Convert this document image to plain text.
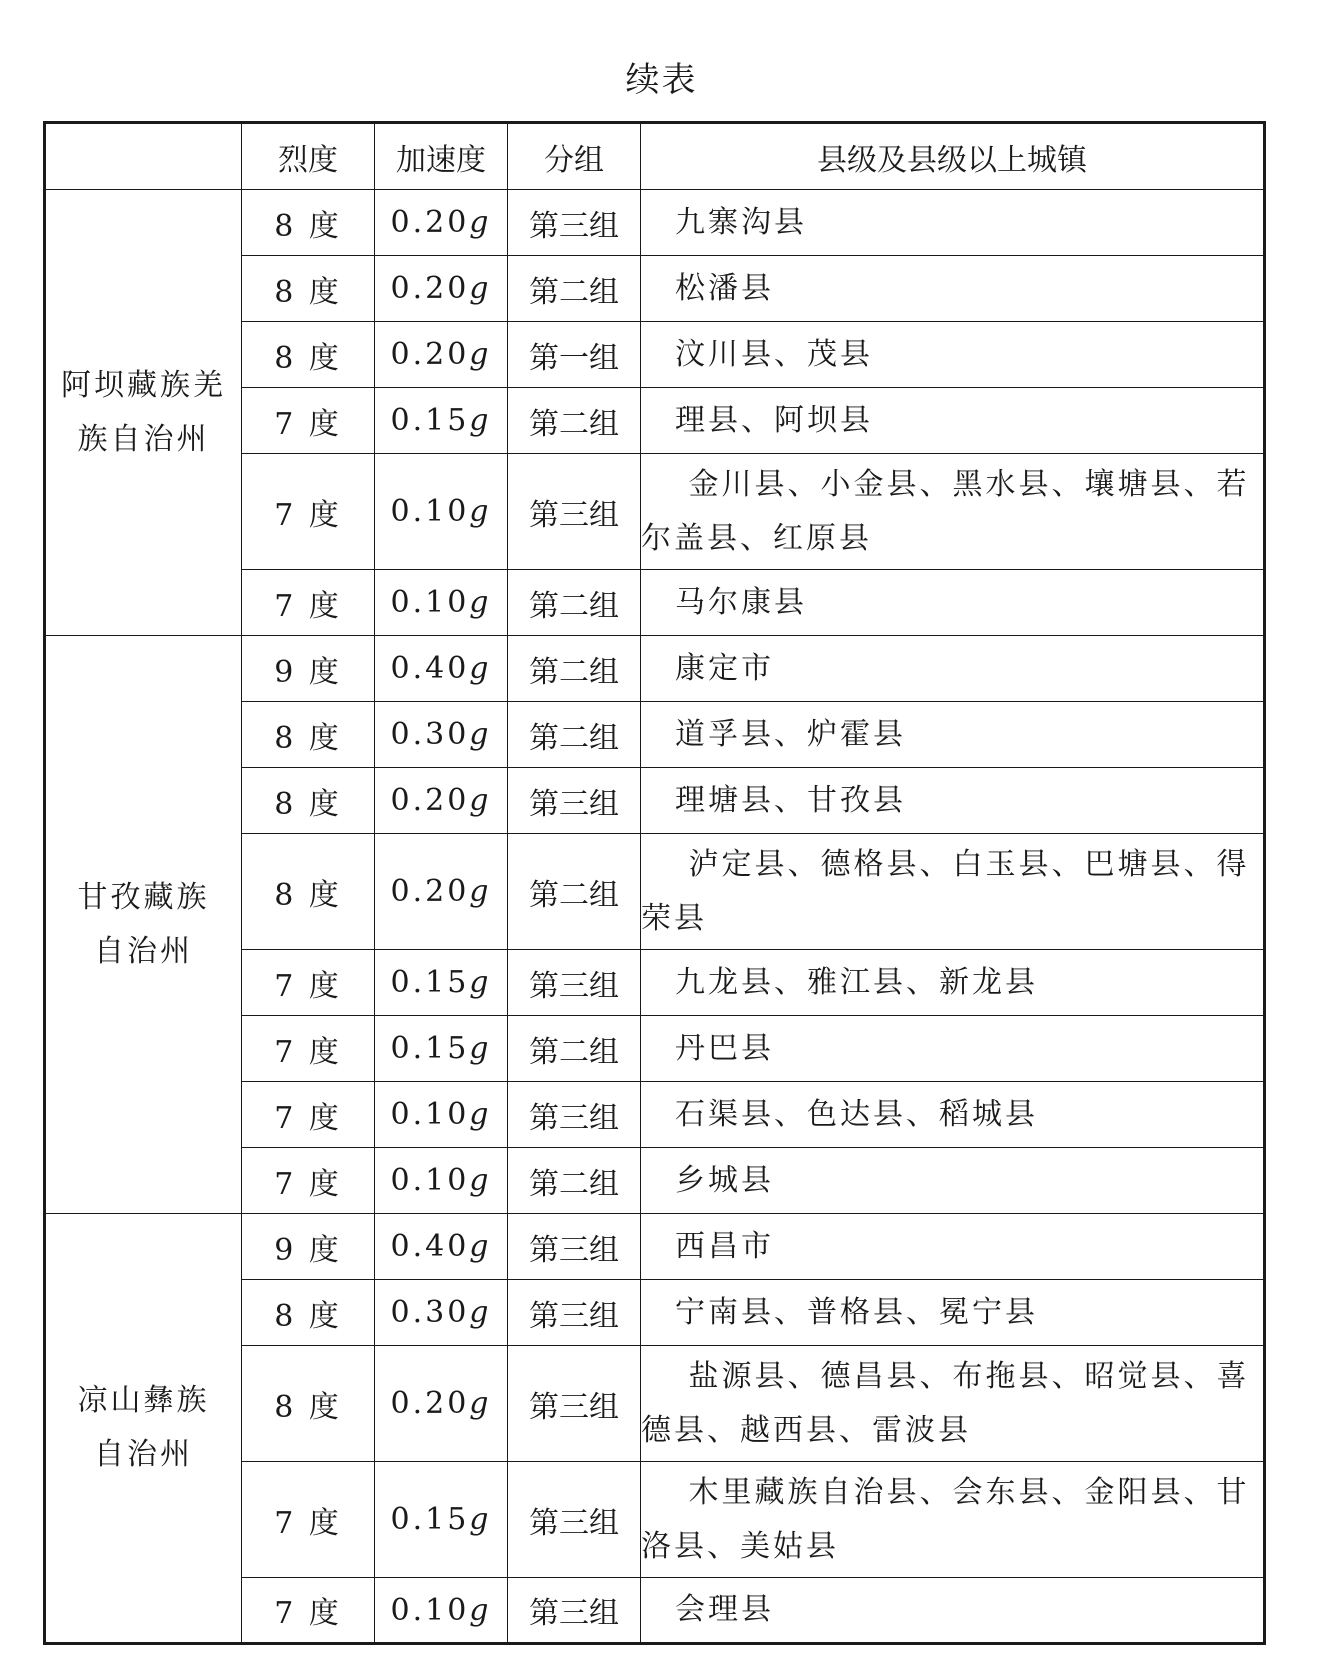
续表
	烈度	加速度	分组	县级及县级以上城镇
阿坝藏族羌
族自治州	8 度	0.20g	第三组	九寨沟县
	8 度	0.20g	第二组	松潘县
	8 度	0.20g	第一组	汶川县、茂县
	7 度	0.15g	第二组	理县、阿坝县
	7 度	0.10g	第三组	金川县、小金县、黑水县、壤塘县、若尔盖县、红原县
	7 度	0.10g	第二组	马尔康县
甘孜藏族
自治州	9 度	0.40g	第二组	康定市
	8 度	0.30g	第二组	道孚县、炉霍县
	8 度	0.20g	第三组	理塘县、甘孜县
	8 度	0.20g	第二组	泸定县、德格县、白玉县、巴塘县、得荣县
	7 度	0.15g	第三组	九龙县、雅江县、新龙县
	7 度	0.15g	第二组	丹巴县
	7 度	0.10g	第三组	石渠县、色达县、稻城县
	7 度	0.10g	第二组	乡城县
凉山彝族
自治州	9 度	0.40g	第三组	西昌市
	8 度	0.30g	第三组	宁南县、普格县、冕宁县
	8 度	0.20g	第三组	盐源县、德昌县、布拖县、昭觉县、喜德县、越西县、雷波县
	7 度	0.15g	第三组	木里藏族自治县、会东县、金阳县、甘洛县、美姑县
	7 度	0.10g	第三组	会理县
